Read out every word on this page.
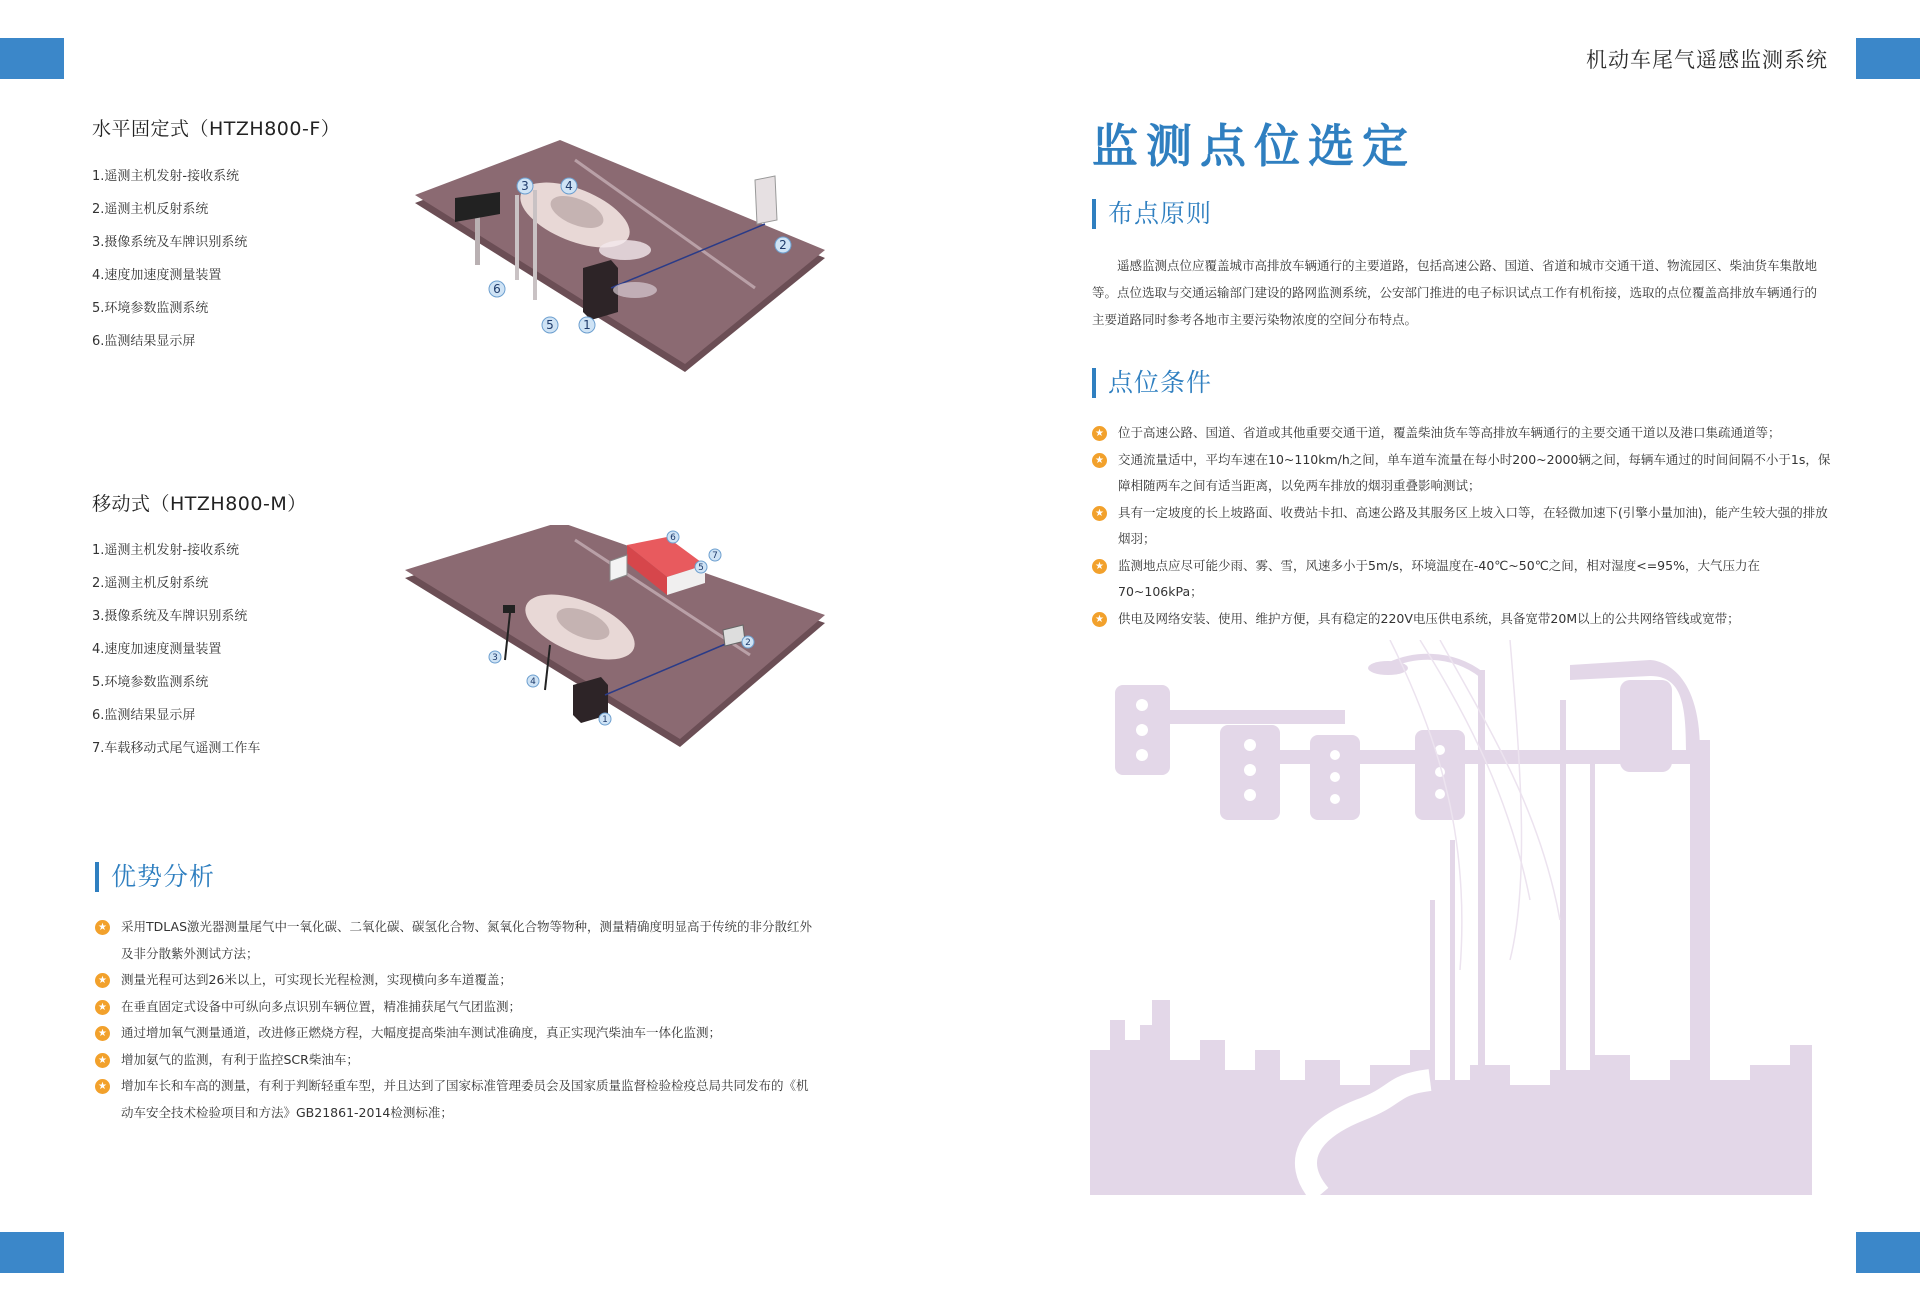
机动车尾气遥感监测系统
水平固定式（HTZH800-F）
1.遥测主机发射-接收系统
2.遥测主机反射系统
3.摄像系统及车牌识别系统
4.速度加速度测量装置
5.环境参数监测系统
6.监测结果显示屏
3	4
2
6
5 1
移动式（HTZH800-M）
1.遥测主机发射-接收系统
2.遥测主机反射系统
3.摄像系统及车牌识别系统
4.速度加速度测量装置
5.环境参数监测系统
6.监测结果显示屏
7.车载移动式尾气遥测工作车
6
7
5
2
3
4
1
优势分析
★ 采用TDLAS激光器测量尾气中一氧化碳、二氧化碳、碳氢化合物、氮氧化合物等物种，测量精确度明显高于传统的非分散红外及非分散紫外测试方法；
★ 测量光程可达到26米以上，可实现长光程检测，实现横向多车道覆盖；
★ 在垂直固定式设备中可纵向多点识别车辆位置，精准捕获尾气气团监测；
★ 通过增加氧气测量通道，改进修正燃烧方程，大幅度提高柴油车测试准确度，真正实现汽柴油车一体化监测；
★ 增加氨气的监测，有利于监控SCR柴油车；
★ 增加车长和车高的测量，有利于判断轻重车型，并且达到了国家标准管理委员会及国家质量监督检验检疫总局共同发布的《机动车安全技术检验项目和方法》GB21861-2014检测标准；
监测点位选定
布点原则

遥感监测点位应覆盖城市高排放车辆通行的主要道路，包括高速公路、国道、省道和城市交通干道、物流园区、柴油货车集散地等。点位选取与交通运输部门建设的路网监测系统，公安部门推进的电子标识试点工作有机衔接，选取的点位覆盖高排放车辆通行的主要道路同时参考各地市主要污染物浓度的空间分布特点。

点位条件
★ 位于高速公路、国道、省道或其他重要交通干道，覆盖柴油货车等高排放车辆通行的主要交通干道以及港口集疏通道等；
★ 交通流量适中，平均车速在10~110km/h之间，单车道车流量在每小时200~2000辆之间，每辆车通过的时间间隔不小于1s，保障相随两车之间有适当距离，以免两车排放的烟羽重叠影响测试；
★ 具有一定坡度的长上坡路面、收费站卡扣、高速公路及其服务区上坡入口等，在轻微加速下(引擎小量加油)，能产生较大强的排放烟羽；
★ 监测地点应尽可能少雨、雾、雪，风速多小于5m/s，环境温度在-40℃~50℃之间，相对湿度<=95%，大气压力在70~106kPa；
★ 供电及网络安装、使用、维护方便，具有稳定的220V电压供电系统，具备宽带20M以上的公共网络管线或宽带；
